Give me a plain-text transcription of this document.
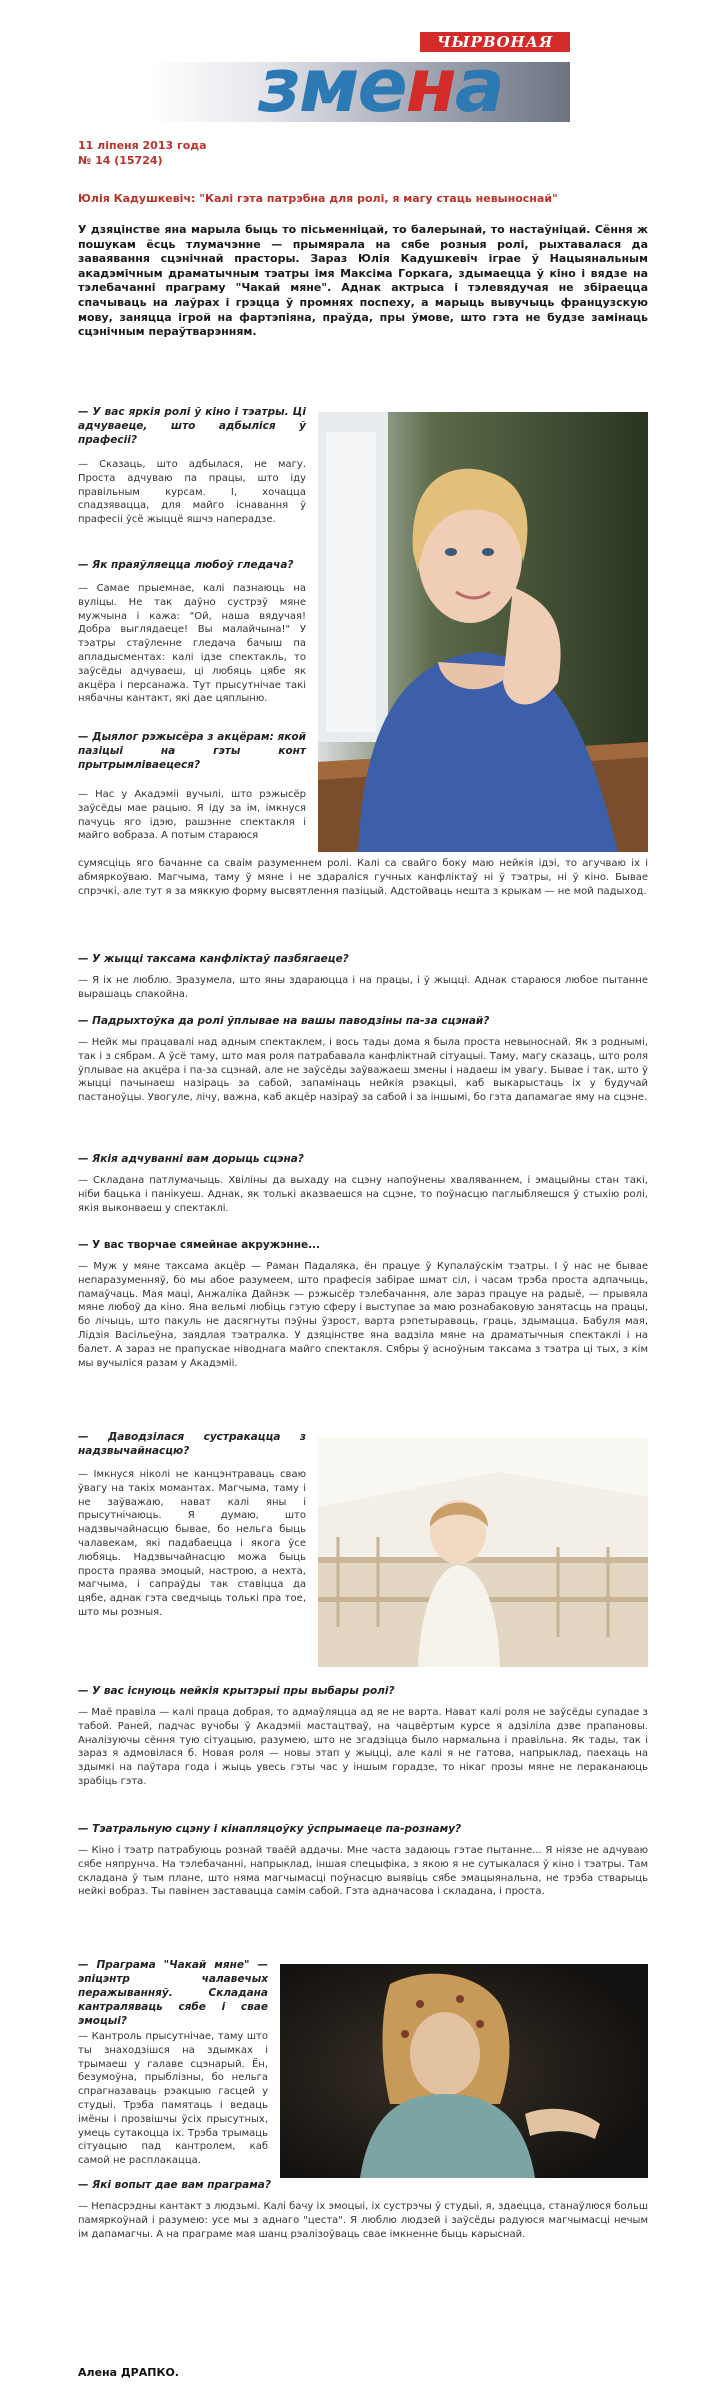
ЧЫРВОНАЯ
змена
11 ліпеня 2013 года
№ 14 (15724)
Юлія Кадушкевіч: "Калі гэта патрэбна для ролі, я магу стаць невыноснай"
У дзяцінстве яна марыла быць то пісьменніцай, то балерынай, то настаўніцай. Сёння ж пошукам ёсць тлумачэнне — прымярала на сябе розныя ролі, рыхтавалася да заваявання сцэнічнай прасторы. Зараз Юлія Кадушкевіч іграе ў Нацыянальным акадэмічным драматычным тэатры імя Максіма Горкага, здымаецца ў кіно і вядзе на тэлебачанні праграму "Чакай мяне". Аднак актрыса і тэлевядучая не збіраецца спачываць на лаўрах і грэцца ў промнях поспеху, а марыць вывучыць французскую мову, заняцца ігрой на фартэпіяна, праўда, пры ўмове, што гэта не будзе замінаць сцэнічным пераўтварэнням.
— У вас яркія ролі ў кіно і тэатры. Ці адчуваеце, што адбыліся ў прафесіі?
— Сказаць, што адбылася, не магу. Проста адчуваю па працы, што іду правільным курсам. І, хочацца спадзявацца, для майго існавання ў прафесіі ўсё жыццё яшчэ наперадзе.
— Як праяўляецца любоў гледача?
— Самае прыемнае, калі пазнаюць на вуліцы. Не так даўно сустрэў мяне мужчына і кажа: "Ой, наша вядучая! Добра выглядаеце! Вы малайчына!" У тэатры стаўленне гледача бачыш па апладысментах: калі ідзе спектакль, то заўсёды адчуваеш, ці любяць цябе як акцёра і персанажа. Тут прысутнічае такі нябачны кантакт, які дае цяплыню.
— Дыялог рэжысёра з акцёрам: якой пазіцыі на гэты конт прытрымліваецеся?
— Нас у Акадэміі вучылі, што рэжысёр заўсёды мае рацыю. Я іду за ім, імкнуся пачуць яго ідэю, рашэнне спектакля і майго вобраза. А потым стараюся
сумясціць яго бачанне са сваім разуменнем ролі. Калі са свайго боку маю нейкія ідэі, то агучваю іх і абмяркоўваю. Магчыма, таму ў мяне і не здараліся гучных канфліктаў ні ў тэатры, ні ў кіно. Бывае спрэчкі, але тут я за мяккую форму высвятлення пазіцый. Адстойваць нешта з крыкам — не мой падыход.
— У жыцці таксама канфліктаў пазбягаеце?
— Я іх не люблю. Зразумела, што яны здараюцца і на працы, і ў жыцці. Аднак стараюся любое пытанне вырашаць спакойна.
— Падрыхтоўка да ролі ўплывае на вашы паводзіны па-за сцэнай?
— Нейк мы працавалі над адным спектаклем, і вось тады дома я была проста невыноснай. Як з роднымі, так і з сябрам. А ўсё таму, што мая роля патрабавала канфліктнай сітуацыі. Таму, магу сказаць, што роля ўплывае на акцёра і па-за сцэнай, але не заўсёды заўважаеш змены і надаеш ім увагу. Бывае і так, што ў жыцці пачынаеш назіраць за сабой, запамінаць нейкія рэакцыі, каб выкарыстаць іх у будучай пастаноўцы. Увогуле, лічу, важна, каб акцёр назіраў за сабой і за іншымі, бо гэта дапамагае яму на сцэне.
— Якія адчуванні вам дорыць сцэна?
— Складана патлумачыць. Хвіліны да выхаду на сцэну напоўнены хваляваннем, і эмацыйны стан такі, ніби бацька і панікуеш. Аднак, як толькі аказваешся на сцэне, то поўнасцю паглыбляешся ў стыхію ролі, якія выконваеш у спектаклі.
— У вас творчае сямейнае акружэнне...
— Муж у мяне таксама акцёр — Раман Падаляка, ён працуе ў Купалаўскім тэатры. І ў нас не бывае непаразуменняў, бо мы абое разумеем, што прафесія забірае шмат сіл, і часам трэба проста адпачыць, памаўчаць. Мая маці, Анжаліка Дайнэк — рэжысёр тэлебачання, але зараз працуе на радыё, — прывяла мяне любоў да кіно. Яна вельмі любіць гэтую сферу і выступае за маю рознабаковую занятасць на працы, бо лічыць, што пакуль не дасягнуты пэўны ўзрост, варта рэпетыраваць, граць, здымацца. Бабуля мая, Лідзія Васільеўна, заядлая тэатралка. У дзяцінстве яна вадзіла мяне на драматычныя спектаклі і на балет. А зараз не прапускае ніводнага майго спектакля. Сябры ў асноўным таксама з тэатра ці тых, з кім мы вучыліся разам у Акадэміі.
— Даводзілася сустракацца з надзвычайнасцю?
— Імкнуся ніколі не канцэнтраваць сваю ўвагу на такіх момантах. Магчыма, таму і не заўважаю, нават калі яны і прысутнічаюць. Я думаю, што надзвычайнасцю бывае, бо нельга быць чалавекам, які падабаецца і якога ўсе любяць. Надзвычайнасцю можа быць проста праява эмоцый, настрою, а нехта, магчыма, і сапраўды так ставіцца да цябе, аднак гэта сведчыць толькі пра тое, што мы розныя.
— У вас існуюць нейкія крытэрыі пры выбары ролі?
— Маё правіла — калі праца добрая, то адмаўляцца ад яе не варта. Нават калі роля не заўсёды супадае з табой. Раней, падчас вучобы ў Акадэміі мастацтваў, на чацвёртым курсе я адзіліла дзве прапановы. Аналізуючы сёння тую сітуацыю, разумею, што не згадзіцца было нармальна і правільна. Як тады, так і зараз я адмовілася б. Новая роля — новы этап у жыцці, але калі я не гатова, напрыклад, паехаць на здымкі на паўтара года і жыць увесь гэты час у іншым горадзе, то нікаг прозы мяне не пераканаюць зрабіць гэта.
— Тэатральную сцэну і кінапляцоўку ўспрымаеце па-рознаму?
— Кіно і тэатр патрабуюць рознай тваёй аддачы. Мне часта задаюць гэтае пытанне... Я ніязе не адчуваю сябе няпрунча. На тэлебачанні, напрыклад, іншая спецыфіка, з якою я не сутыкалася ў кіно і тэатры. Там складана ў тым плане, што няма магчымасці поўнасцю выявіць сябе эмацыянальна, не трэба стварыць нейкі вобраз. Ты павінен заставацца самім сабой. Гэта адначасова і складана, і проста.
— Праграма "Чакай мяне" — эпіцэнтр чалавечых перажыванняў. Складана кантраляваць сябе і свае эмоцыі?
— Кантроль прысутнічае, таму што ты знаходзішся на здымках і трымаеш у галаве сцэнарый. Ён, безумоўна, прыблізны, бо нельга спрагназаваць рэакцыю гасцей у студыі. Трэба памятаць і ведаць імёны і прозвішчы ўсіх прысутных, умець сутакоцца іх. Трэба трымаць сітуацыю пад кантролем, каб самой не расплакацца.
— Які вопыт дае вам праграма?
— Непасрэдны кантакт з людзьмі. Калі бачу іх эмоцыі, іх сустрэчы ў студыі, я, здаецца, станаўлюся больш памяркоўнай і разумею: усе мы з аднаго "цеста". Я люблю людзей і заўсёды радуюся магчымасці нечым ім дапамагчы. А на праграме мая шанц рэалізоўваць свае імкненне быць карыснай.
Алена ДРАПКО.
